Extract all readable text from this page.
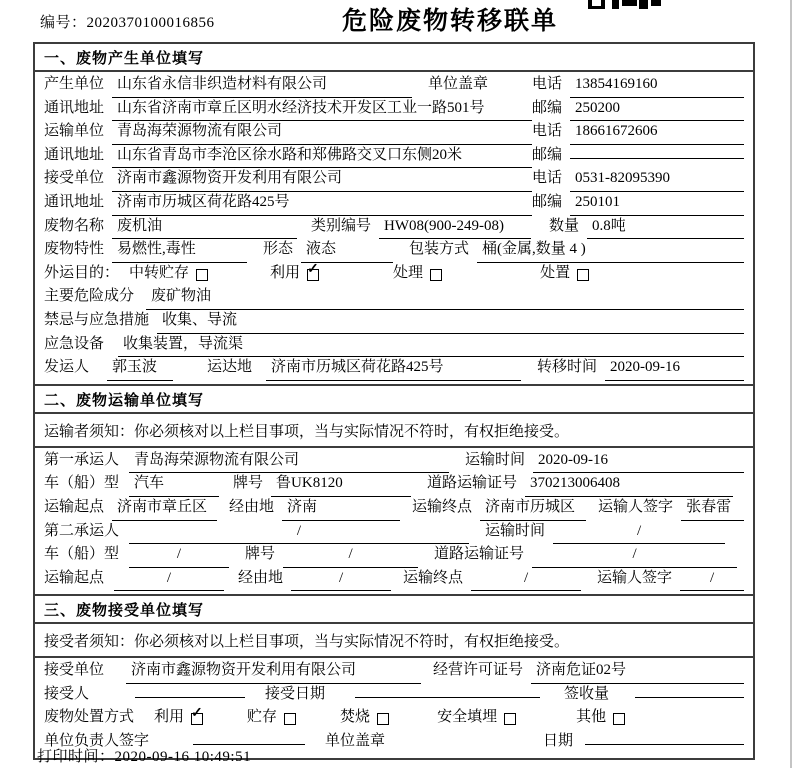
编号：2020370100016856	危险废物转移联单
一、废物产生单位填写
产生单位 山东省永信非织造材料有限公司	单位盖章	电话 13854169160
通讯地址 山东省济南市章丘区明水经济技术开发区工业一路501号	邮编 250200
运输单位 青岛海荣源物流有限公司	电话 18661672606
通讯地址 山东省青岛市李沧区徐水路和郑佛路交叉口东侧20米	邮编
接受单位 济南市鑫源物资开发利用有限公司	电话 0531-82095390
通讯地址 济南市历城区荷花路425号	邮编 250101
废物名称 废机油	类别编号 HW08(900-249-08)	数量 0.8吨
废物特性 易燃性,毒性	形态 液态	包装方式 桶(金属,数量 4 )
外运目的： 中转贮存	利用 ✓	处理	处置
主要危险成分	废矿物油
禁忌与应急措施 收集、导流
应急设备	收集装置，导流渠
发运人	郭玉波	运达地	济南市历城区荷花路425号	转移时间 2020-09-16
二、废物运输单位填写
运输者须知：你必须核对以上栏目事项，当与实际情况不符时，有权拒绝接受。
第一承运人	青岛海荣源物流有限公司	运输时间 2020-09-16
车（船）型	汽车	牌号 鲁UK8120	道路运输证号 370213006408
运输起点 济南市章丘区	经由地 济南	运输终点 济南市历城区	运输人签字 张春雷
第二承运人	/	运输时间	/
车（船）型	/	牌号	/	道路运输证号	/
运输起点	/	经由地	/	运输终点	/	运输人签字	/
三、废物接受单位填写
接受者须知：你必须核对以上栏目事项，当与实际情况不符时，有权拒绝接受。
接受单位	济南市鑫源物资开发利用有限公司	经营许可证号 济南危证02号
接受人	接受日期	签收量
废物处置方式 利用 ✓	贮存	焚烧	安全填埋	其他
单位负责人签字	单位盖章	日期
打印时间：2020-09-16 10:49:51
